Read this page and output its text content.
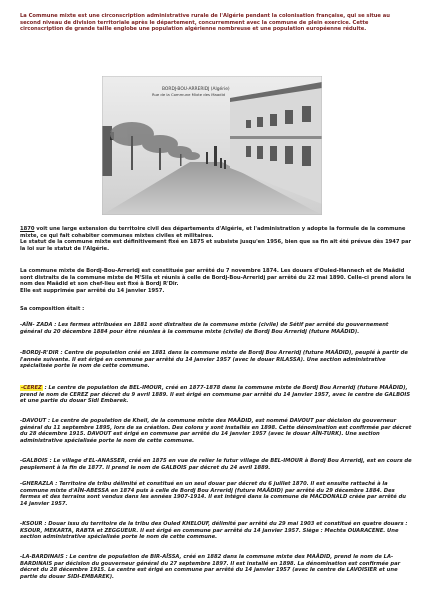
La Commune mixte est une circonscription administrative rurale de l'Algérie pendant la colonisation française, qui se situe au second niveau de division territoriale après le département, concurremment avec la commune de plein exercice. Cette circonscription de grande taille englobe une population algérienne nombreuse et une population européenne réduite.

BORDJ-BOU-ARRERIDJ (Algérie)
Rue de la Commune Mixte des Maadid

1870 voit une large extension du territoire civil des départements d'Algérie, et l'administration y adopte la formule de la commune mixte, ce qui fait cohabiter communes mixtes civiles et militaires.
Le statut de la commune mixte est définitivement fixé en 1875 et subsiste jusqu'en 1956, bien que sa fin ait été prévue dès 1947 par la loi sur le statut de l'Algérie.

La commune mixte de Bordj-Bou-Arreridj est constituée par arrêté du 7 novembre 1874. Les douars d'Ouled-Hannech et de Maâdid sont distraits de la commune mixte de M'Sila et réunis à celle de Bordj-Bou-Arreridj par arrêté du 22 mai 1890. Celle-ci prend alors le nom des Maâdid et son chef-lieu est fixé à Bordj R'Dir.
Elle est supprimée par arrêté du 14 janvier 1957.

Sa composition était :

-AÏN- ZADA : Les fermes attribuées en 1881 sont distraites de la commune mixte (civile) de Sétif par arrêté du gouvernement général du 20 décembre 1884 pour être réunies à la commune mixte (civile) de Bordj Bou Arreridj (future MAÂDID).

-BORDJ-R'DIR : Centre de population créé en 1881 dans la commune mixte de Bordj Bou Arreridj (future MAÂDID), peuplé à partir de l'année suivante. Il est érigé en commune par arrêté du 14 janvier 1957 (avec le douar RILASSA). Une section administrative spécialisée porte le nom de cette commune.

-CEREZ : Le centre de population de BEL-IMOUR, créé en 1877-1878 dans la commune mixte de Bordj Bou Arreridj (future MAÂDID), prend le nom de CEREZ par décret du 9 avril 1889. Il est érigé en commune par arrêté du 14 janvier 1957, avec le centre de GALBOIS et une partie du douar Sidi Embarek.

-DAVOUT : Le centre de population de Kheïl, de la commune mixte des MAÂDID, est nommé DAVOUT par décision du gouverneur général du 11 septembre 1895, lors de sa création. Des colons y sont installés en 1898. Cette dénomination est confirmée par décret du 28 décembre 1915. DAVOUT est érigé en commune par arrêté du 14 janvier 1957 (avec le douar AÏN-TURK). Une section administrative spécialisée porte le nom de cette commune.

-GALBOIS : Le village d'EL-ANASSER, créé en 1875 en vue de relier le futur village de BEL-IMOUR à Bordj Bou Arreridj, est en cours de peuplement à la fin de 1877. Il prend le nom de GALBOIS par décret du 24 avril 1889.

-GHERAZLA : Territoire de tribu délimité et constitué en un seul douar par décret du 6 juillet 1870. Il est ensuite rattaché à la commune mixte d'AÏN-ABESSA en 1874 puis à celle de Bordj Bou Arreridj (future MAÂDID) par arrêté du 29 décembre 1884. Des fermes et des terrains sont vendus dans les années 1907-1914. Il est intégré dans la commune de MACDONALD créée par arrêté du 14 janvier 1957.

-KSOUR : Douar issu du territoire de la tribu des Ouled KHELOUF, délimité par arrêté du 29 mai 1903 et constitué en quatre douars : KSOUR, MEKARTA, RABTA et ZEGGUEUR. Il est érigé en commune par arrêté du 14 janvier 1957. Siège : Mechta OUARACENE. Une section administrative spécialisée porte le nom de cette commune.

-LA-BARDINAIS : Le centre de population de BIR-AÏSSA, créé en 1882 dans la commune mixte des MAÂDID, prend le nom de LA-BARDINAIS par décision du gouverneur général du 27 septembre 1897. Il est installé en 1898. La dénomination est confirmée par décret du 28 décembre 1915. Le centre est érigé en commune par arrêté du 14 janvier 1957 (avec le centre de LAVOISIER et une partie du douar SIDI-EMBAREK).
